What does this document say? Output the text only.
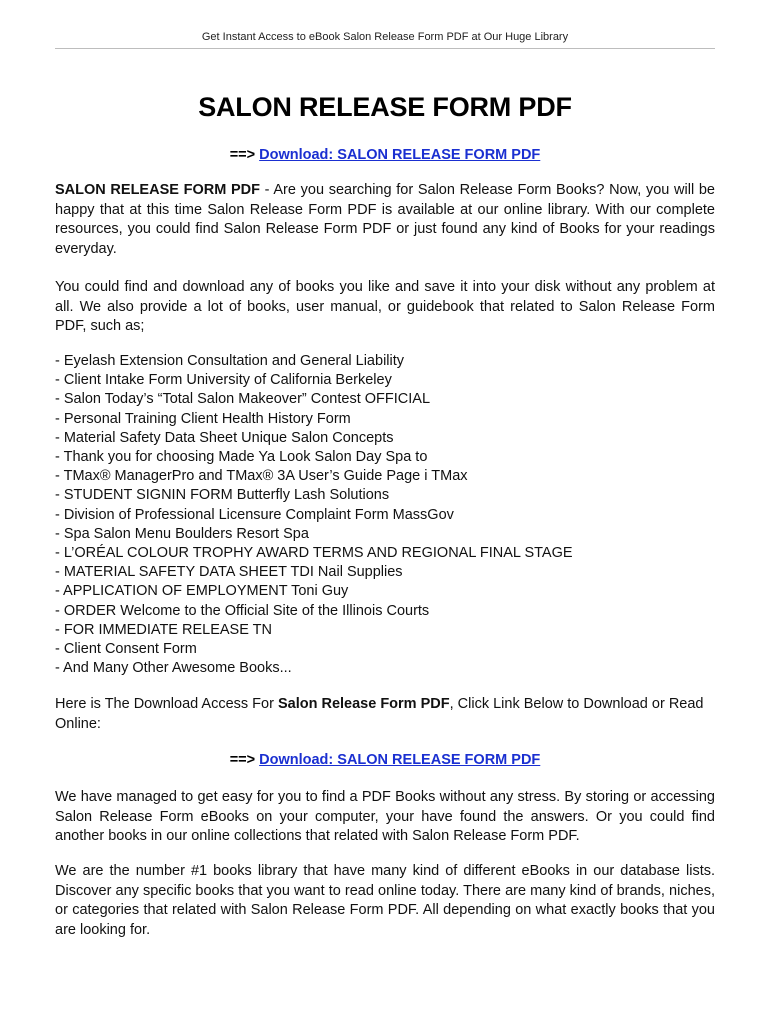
Get Instant Access to eBook Salon Release Form PDF at Our Huge Library
SALON RELEASE FORM PDF
==> Download: SALON RELEASE FORM PDF

SALON RELEASE FORM PDF - Are you searching for Salon Release Form Books? Now, you will be happy that at this time Salon Release Form PDF is available at our online library. With our complete resources, you could find Salon Release Form PDF or just found any kind of Books for your readings everyday.

You could find and download any of books you like and save it into your disk without any problem at all. We also provide a lot of books, user manual, or guidebook that related to Salon Release Form PDF, such as;

- Eyelash Extension Consultation and General Liability
- Client Intake Form University of California Berkeley
- Salon Today’s “Total Salon Makeover” Contest OFFICIAL
- Personal Training Client Health History Form
- Material Safety Data Sheet Unique Salon Concepts
- Thank you for choosing Made Ya Look Salon Day Spa to
- TMax® ManagerPro and TMax® 3A User’s Guide Page i TMax
- STUDENT SIGNIN FORM Butterfly Lash Solutions
- Division of Professional Licensure Complaint Form MassGov
- Spa Salon Menu Boulders Resort Spa
- L’ORÉAL COLOUR TROPHY AWARD TERMS AND REGIONAL FINAL STAGE
- MATERIAL SAFETY DATA SHEET TDI Nail Supplies
- APPLICATION OF EMPLOYMENT Toni Guy
- ORDER Welcome to the Official Site of the Illinois Courts
- FOR IMMEDIATE RELEASE TN
- Client Consent Form
- And Many Other Awesome Books...

Here is The Download Access For Salon Release Form PDF, Click Link Below to Download or Read Online:

==> Download: SALON RELEASE FORM PDF

We have managed to get easy for you to find a PDF Books without any stress. By storing or accessing Salon Release Form eBooks on your computer, your have found the answers. Or you could find another books in our online collections that related with Salon Release Form PDF.

We are the number #1 books library that have many kind of different eBooks in our database lists. Discover any specific books that you want to read online today. There are many kind of brands, niches, or categories that related with Salon Release Form PDF. All depending on what exactly books that you are looking for.
